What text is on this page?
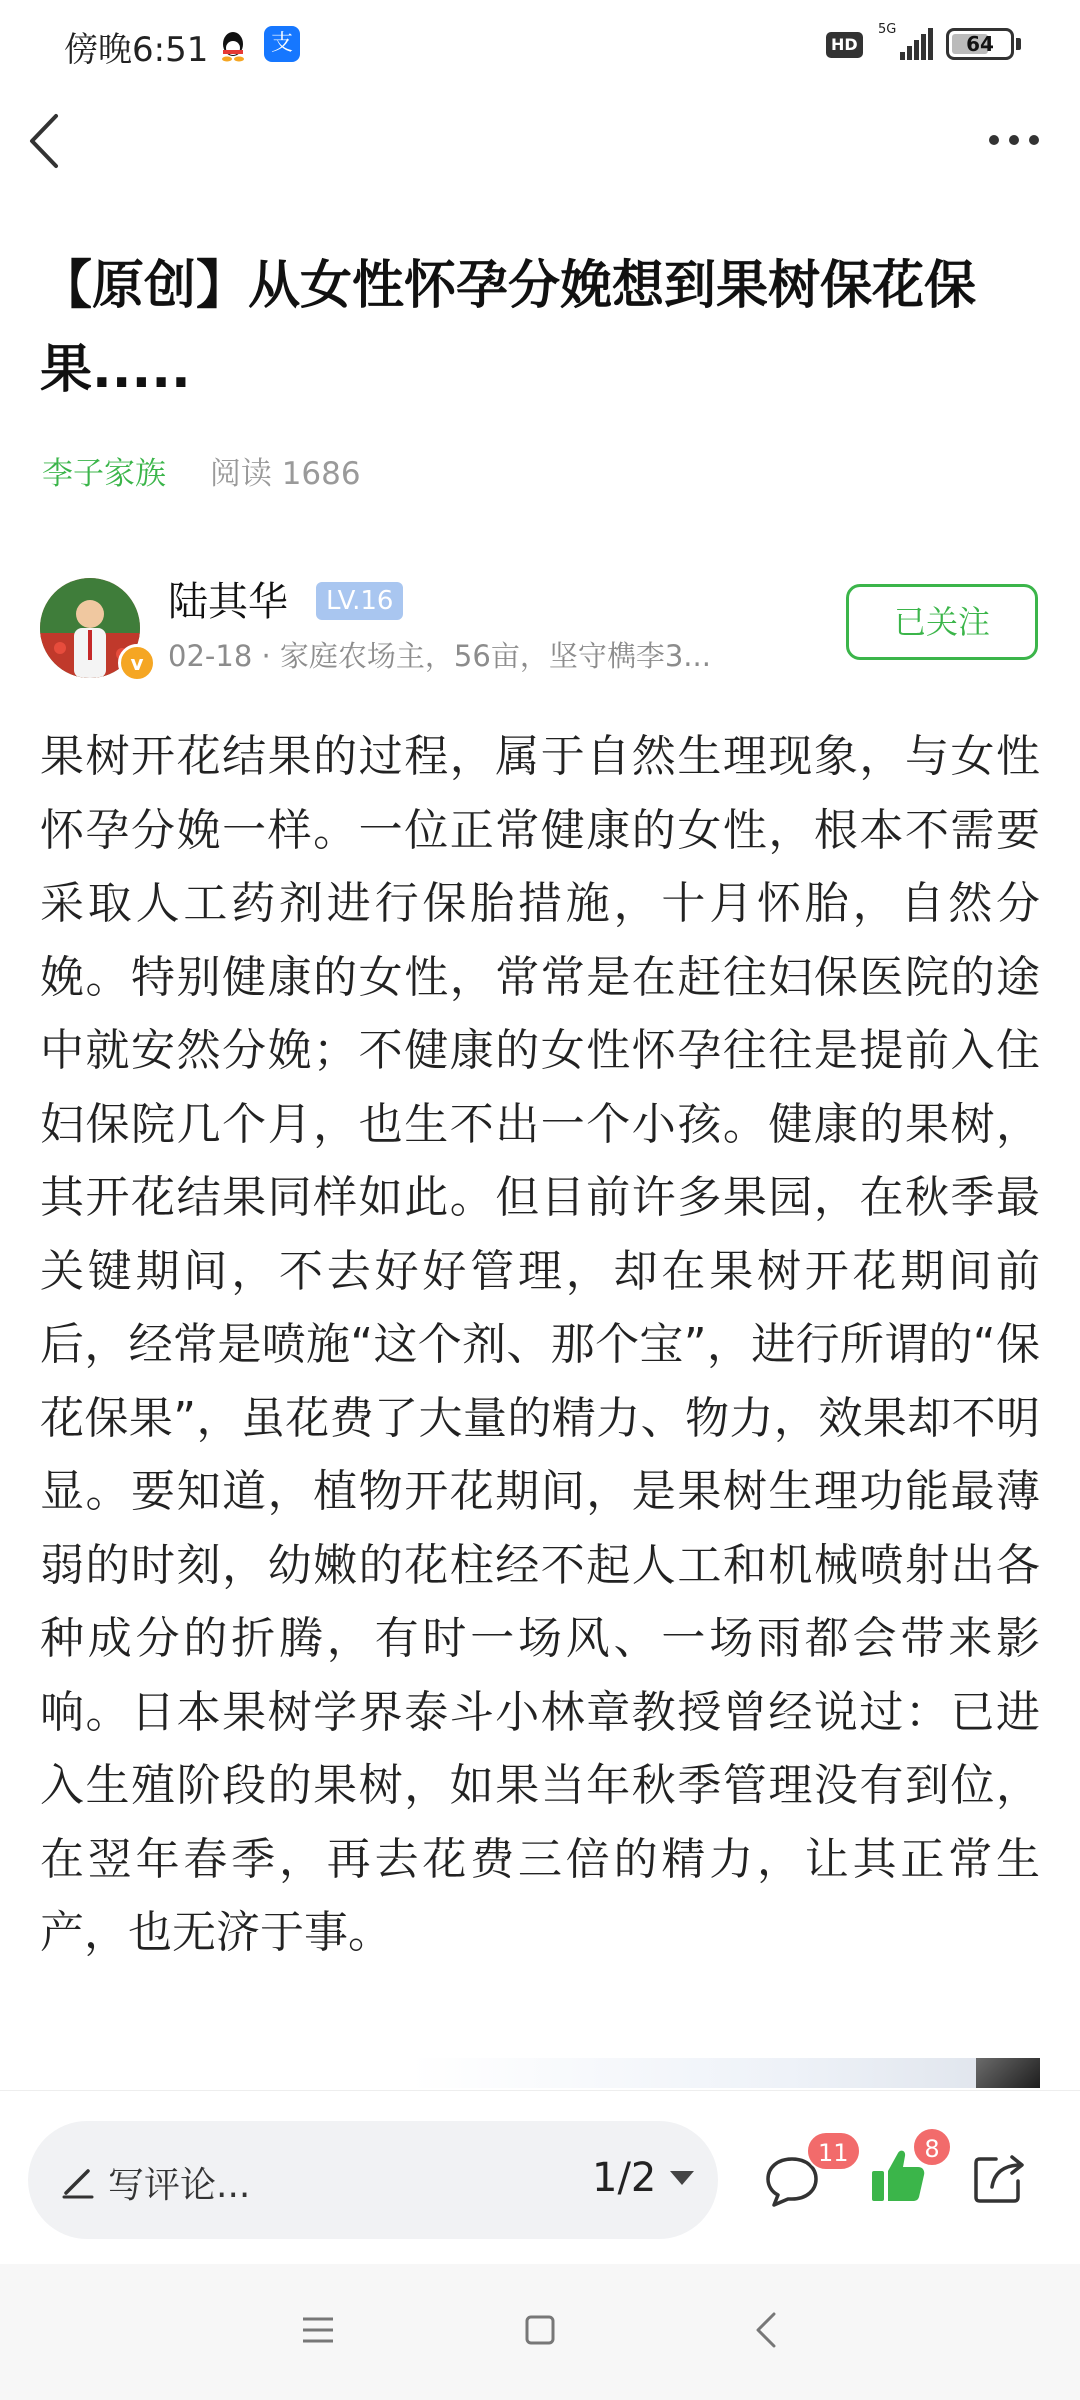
傍晚6:51	支	HD
5G
64
【原创】从女性怀孕分娩想到果树保花保果.....
李子家族 阅读 1686
v
陆其华	LV.16
02-18 · 家庭农场主，56亩，坚守檇李3...
已关注
果树开花结果的过程，属于自然生理现象，与女性怀孕分娩一样。一位正常健康的女性，根本不需要采取人工药剂进行保胎措施，十月怀胎，自然分娩。特别健康的女性，常常是在赶往妇保医院的途中就安然分娩；不健康的女性怀孕往往是提前入住妇保院几个月，也生不出一个小孩。健康的果树，其开花结果同样如此。但目前许多果园，在秋季最关键期间，不去好好管理，却在果树开花期间前后，经常是喷施“这个剂、那个宝”，进行所谓的“保花保果”，虽花费了大量的精力、物力，效果却不明显。要知道，植物开花期间，是果树生理功能最薄弱的时刻，幼嫩的花柱经不起人工和机械喷射出各种成分的折腾，有时一场风、一场雨都会带来影响。日本果树学界泰斗小林章教授曾经说过：已进入生殖阶段的果树，如果当年秋季管理没有到位，在翌年春季，再去花费三倍的精力，让其正常生产，也无济于事。
写评论...	1/2
11	8
